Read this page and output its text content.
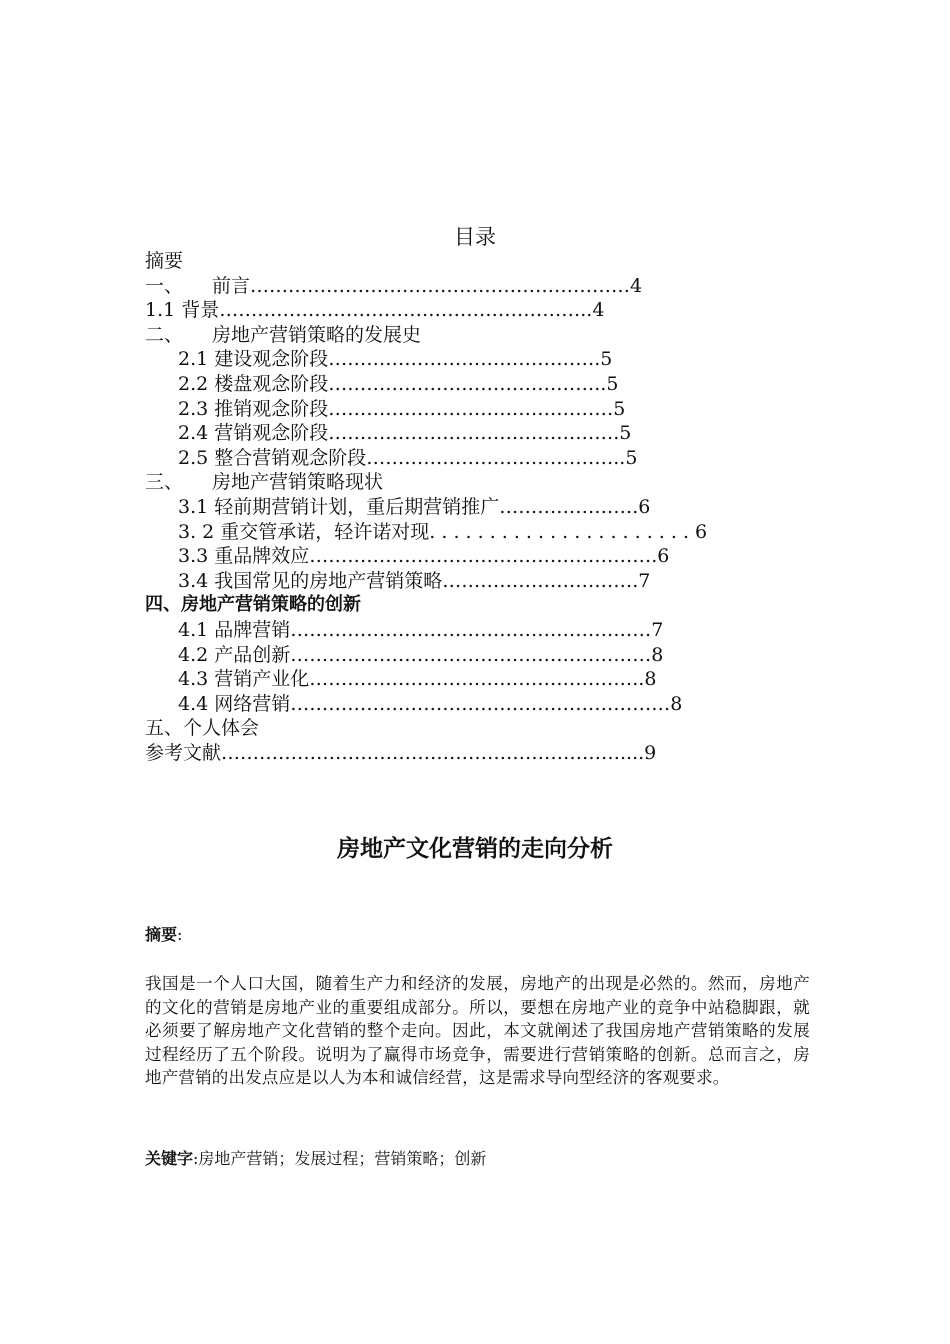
目录
摘要
一、 前言……………………………………………………4
1.1 背景…………………………………………………..4
二、 房地产营销策略的发展史
2.1 建设观念阶段…………………………………….5
2.2 楼盘观念阶段……………………………………..5
2.3 推销观念阶段………………………………………5
2.4 营销观念阶段……………………………………….5
2.5 整合营销观念阶段…………………………………..5
三、 房地产营销策略现状
3.1 轻前期营销计划，重后期营销推广………………….6
3. 2 重交管承诺，轻许诺对现. . . . . . . . . . . . . . . . . . . . . . 6
3.3 重品牌效应……………………………………………….6
3.4 我国常见的房地产营销策略………………………….7
四、房地产营销策略的创新
4.1 品牌营销…………………………………………………7
4.2 产品创新…………………………………………………8
4.3 营销产业化……………………………………………..8
4.4 网络营销……………………………………………………8
五、个人体会
参考文献………………………………………………………....9
房地产文化营销的走向分析
摘要:
我国是一个人口大国，随着生产力和经济的发展，房地产的出现是必然的。然而，房地产的文化的营销是房地产业的重要组成部分。所以，要想在房地产业的竞争中站稳脚跟，就必须要了解房地产文化营销的整个走向。因此，本文就阐述了我国房地产营销策略的发展过程经历了五个阶段。说明为了赢得市场竞争，需要进行营销策略的创新。总而言之，房地产营销的出发点应是以人为本和诚信经营，这是需求导向型经济的客观要求。
关键字:房地产营销；发展过程；营销策略；创新
